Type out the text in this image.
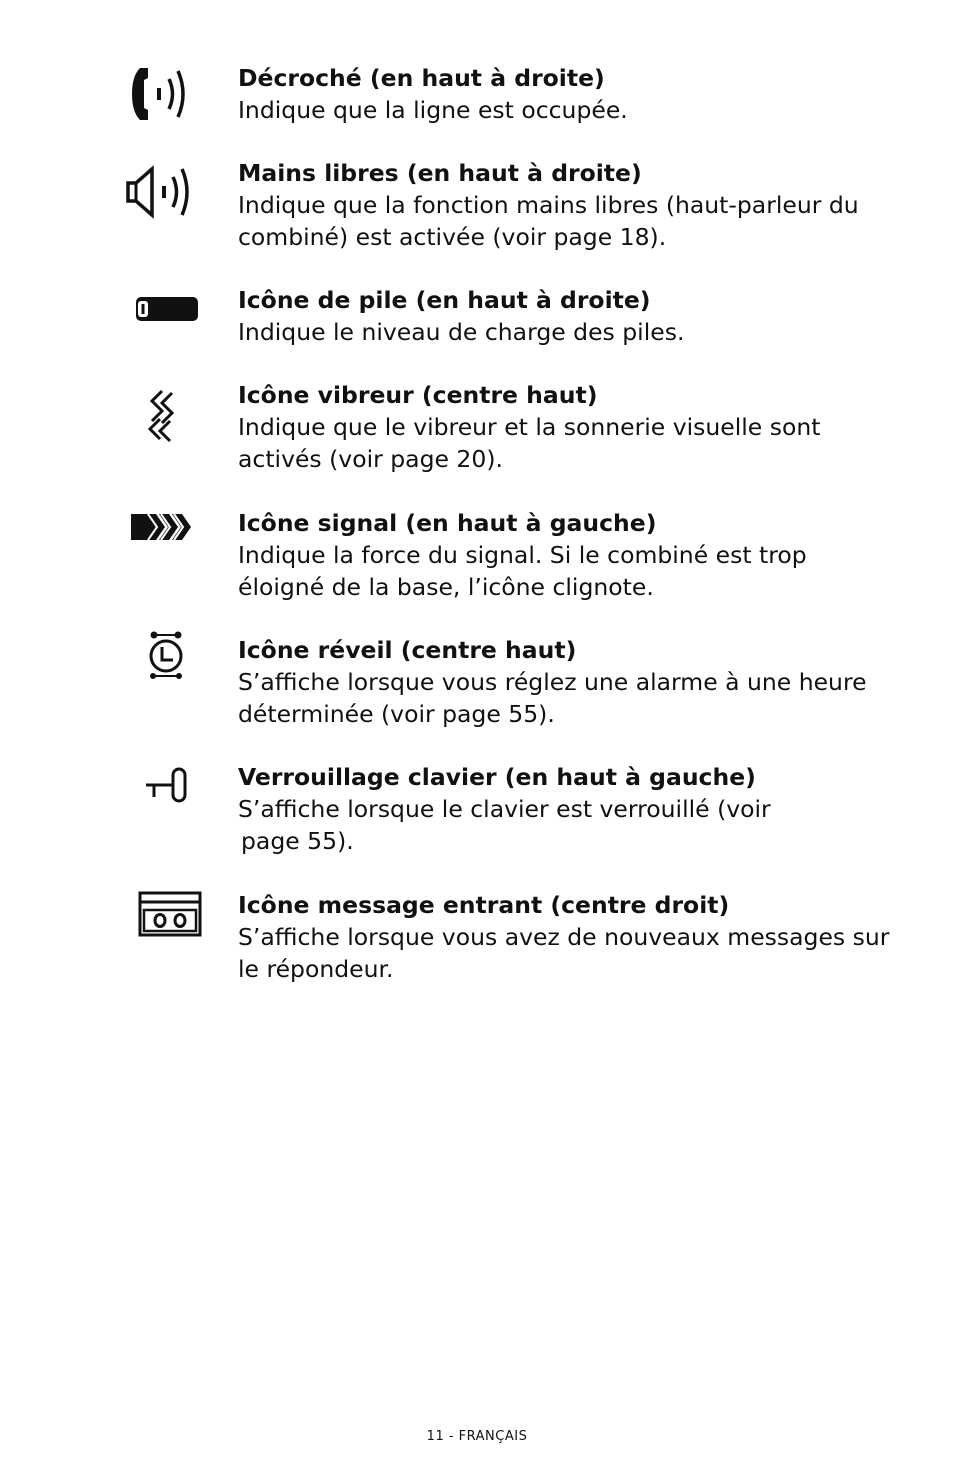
Décroché (en haut à droite)
Indique que la ligne est occupée.
Mains libres (en haut à droite)
Indique que la fonction mains libres (haut-parleur du
combiné) est activée (voir page 18).
Icône de pile (en haut à droite)
Indique le niveau de charge des piles.
Icône vibreur (centre haut)
Indique que le vibreur et la sonnerie visuelle sont
activés (voir page 20).
Icône signal (en haut à gauche)
Indique la force du signal. Si le combiné est trop
éloigné de la base, l’icône clignote.
Icône réveil (centre haut)
S’affiche lorsque vous réglez une alarme à une heure
déterminée (voir page 55).
Verrouillage clavier (en haut à gauche)
S’affiche lorsque le clavier est verrouillé (voir
page 55).
Icône message entrant (centre droit)
S’affiche lorsque vous avez de nouveaux messages sur
le répondeur.
11 - FRANÇAIS
